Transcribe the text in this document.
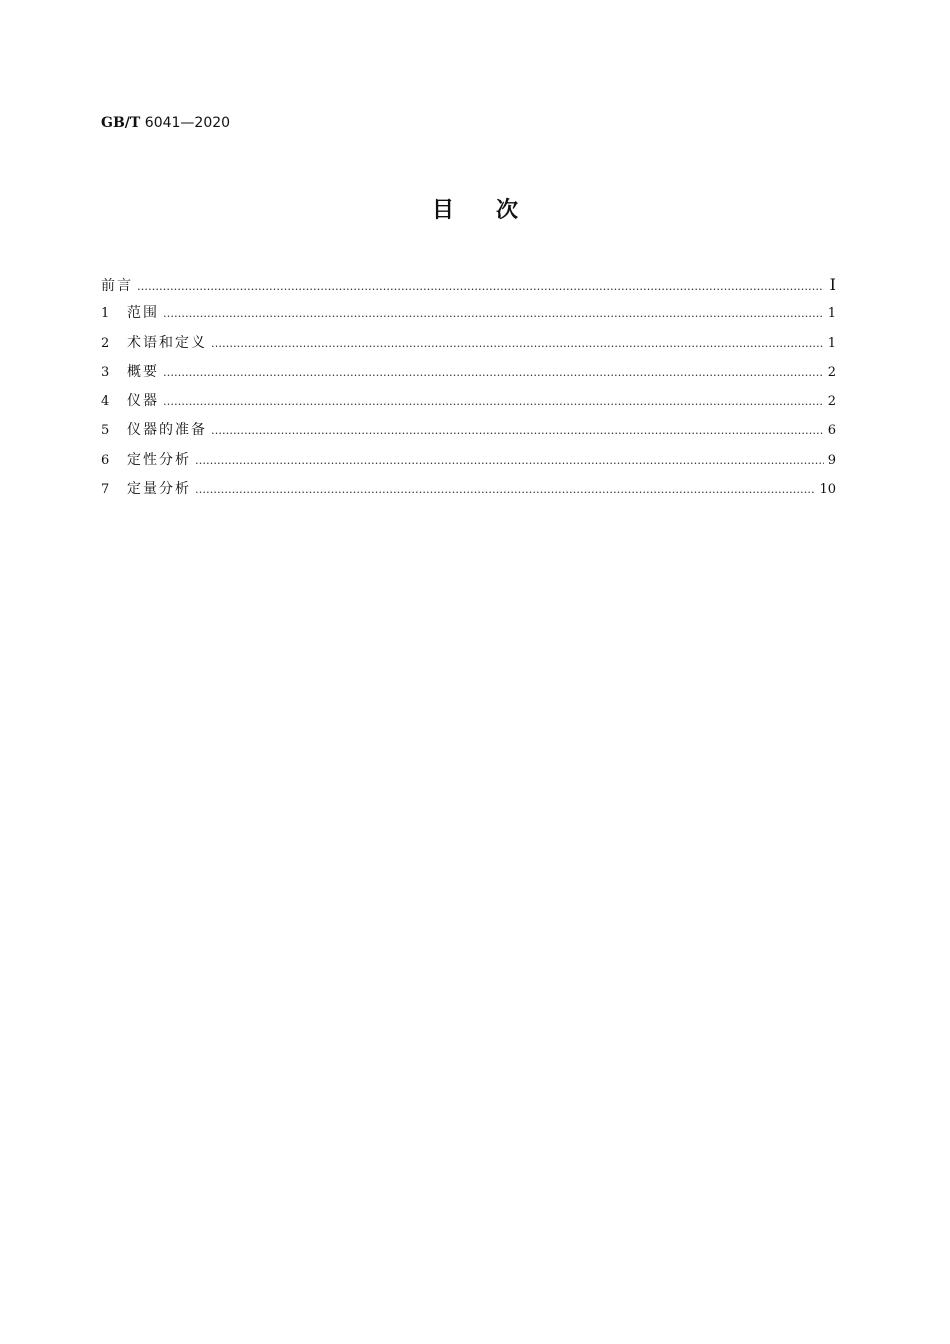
GB/T 6041—2020
目次
前言 ……………………………………………………………………………………………………………………………………………………………………………………………………………………	Ⅰ
1	范围 ……………………………………………………………………………………………………………………………………………………………………………………………………………………	1
2	术语和定义 ……………………………………………………………………………………………………………………………………………………………………………………………………………………	1
3	概要 ……………………………………………………………………………………………………………………………………………………………………………………………………………………	2
4	仪器 ……………………………………………………………………………………………………………………………………………………………………………………………………………………	2
5	仪器的准备 ……………………………………………………………………………………………………………………………………………………………………………………………………………………	6
6	定性分析 ……………………………………………………………………………………………………………………………………………………………………………………………………………………	9
7	定量分析 ……………………………………………………………………………………………………………………………………………………………………………………………………………………	10
